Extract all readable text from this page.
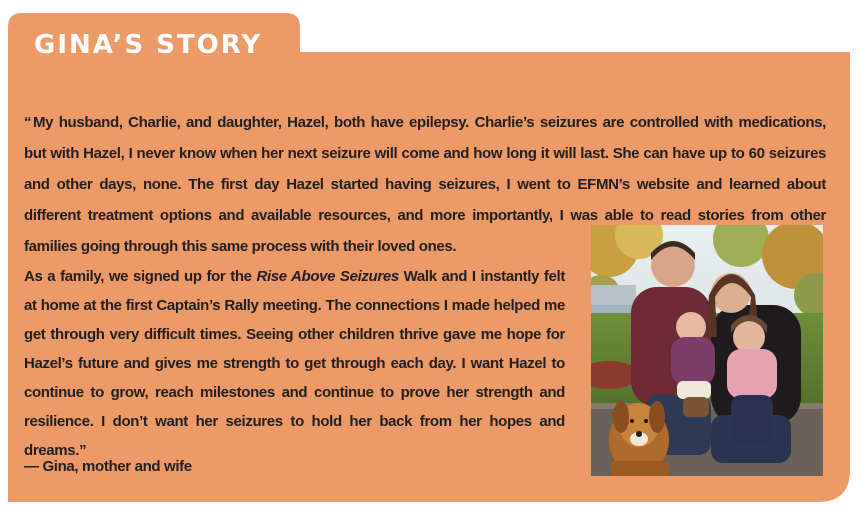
GINA’S STORY

“ My husband, Charlie, and daughter, Hazel, both have epilepsy. Charlie’s seizures are controlled with medications, but with Hazel, I never know when her next seizure will come and how long it will last. She can have up to 60 seizures and other days, none. The first day Hazel started having seizures, I went to EFMN’s website and learned about different treatment options and available resources, and more importantly, I was able to read stories from other families going through this same process with their loved ones.

As a family, we signed up for the Rise Above Seizures Walk and I instantly felt at home at the first Captain’s Rally meeting. The connections I made helped me get through very difficult times. Seeing other children thrive gave me hope for Hazel’s future and gives me strength to get through each day. I want Hazel to continue to grow, reach milestones and continue to prove her strength and resilience. I don’t want her seizures to hold her back from her hopes and dreams.”

— Gina, mother and wife
